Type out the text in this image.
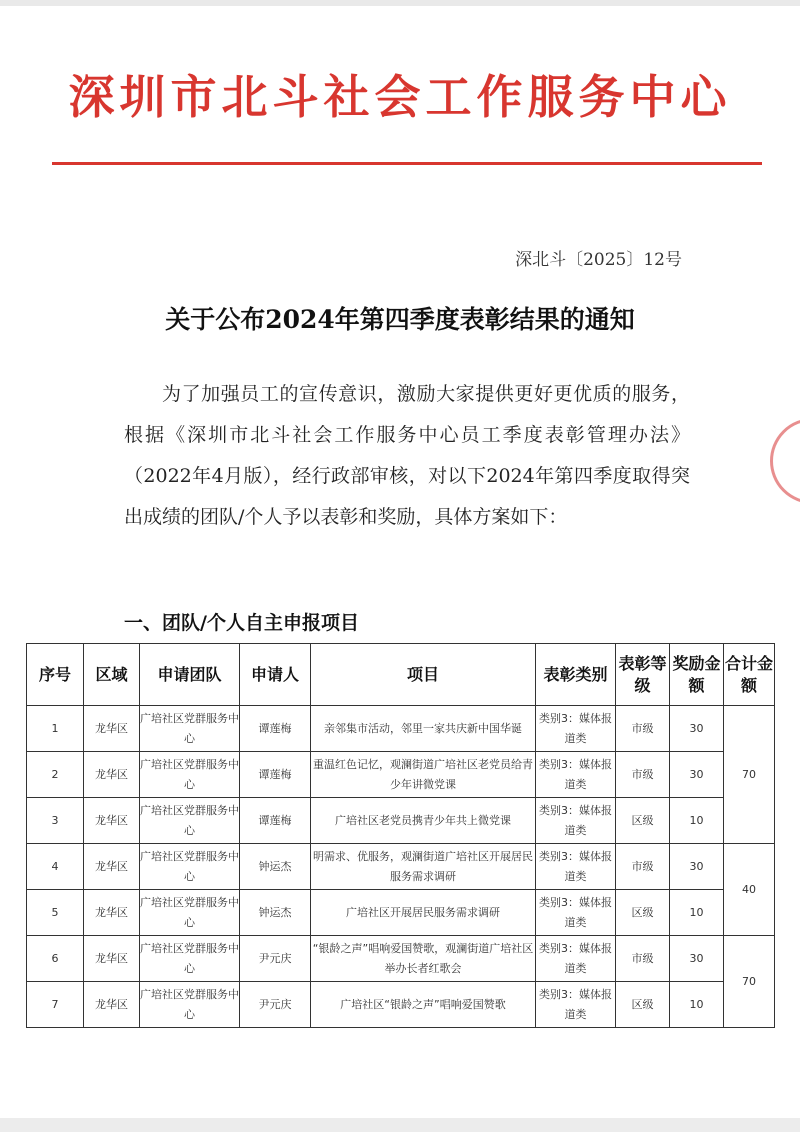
深圳市北斗社会工作服务中心
深北斗〔2025〕12号
关于公布2024年第四季度表彰结果的通知
为了加强员工的宣传意识，激励大家提供更好更优质的服务，根据《深圳市北斗社会工作服务中心员工季度表彰管理办法》（2022年4月版），经行政部审核，对以下2024年第四季度取得突出成绩的团队/个人予以表彰和奖励，具体方案如下：
一、团队/个人自主申报项目
序号	区域	申请团队	申请人	项目	表彰类别	表彰等级	奖励金额	合计金额
1	龙华区	广培社区党群服务中心	谭莲梅	亲邻集市活动，邻里一家共庆新中国华诞	类别3：媒体报道类	市级	30	70
2	龙华区	广培社区党群服务中心	谭莲梅	重温红色记忆，观澜街道广培社区老党员给青少年讲微党课	类别3：媒体报道类	市级	30	
3	龙华区	广培社区党群服务中心	谭莲梅	广培社区老党员携青少年共上微党课	类别3：媒体报道类	区级	10	
4	龙华区	广培社区党群服务中心	钟运杰	明需求、优服务，观澜街道广培社区开展居民服务需求调研	类别3：媒体报道类	市级	30	40
5	龙华区	广培社区党群服务中心	钟运杰	广培社区开展居民服务需求调研	类别3：媒体报道类	区级	10	
6	龙华区	广培社区党群服务中心	尹元庆	“银龄之声”唱响爱国赞歌，观澜街道广培社区举办长者红歌会	类别3：媒体报道类	市级	30	70
7	龙华区	广培社区党群服务中心	尹元庆	广培社区“银龄之声”唱响爱国赞歌	类别3：媒体报道类	区级	10	
